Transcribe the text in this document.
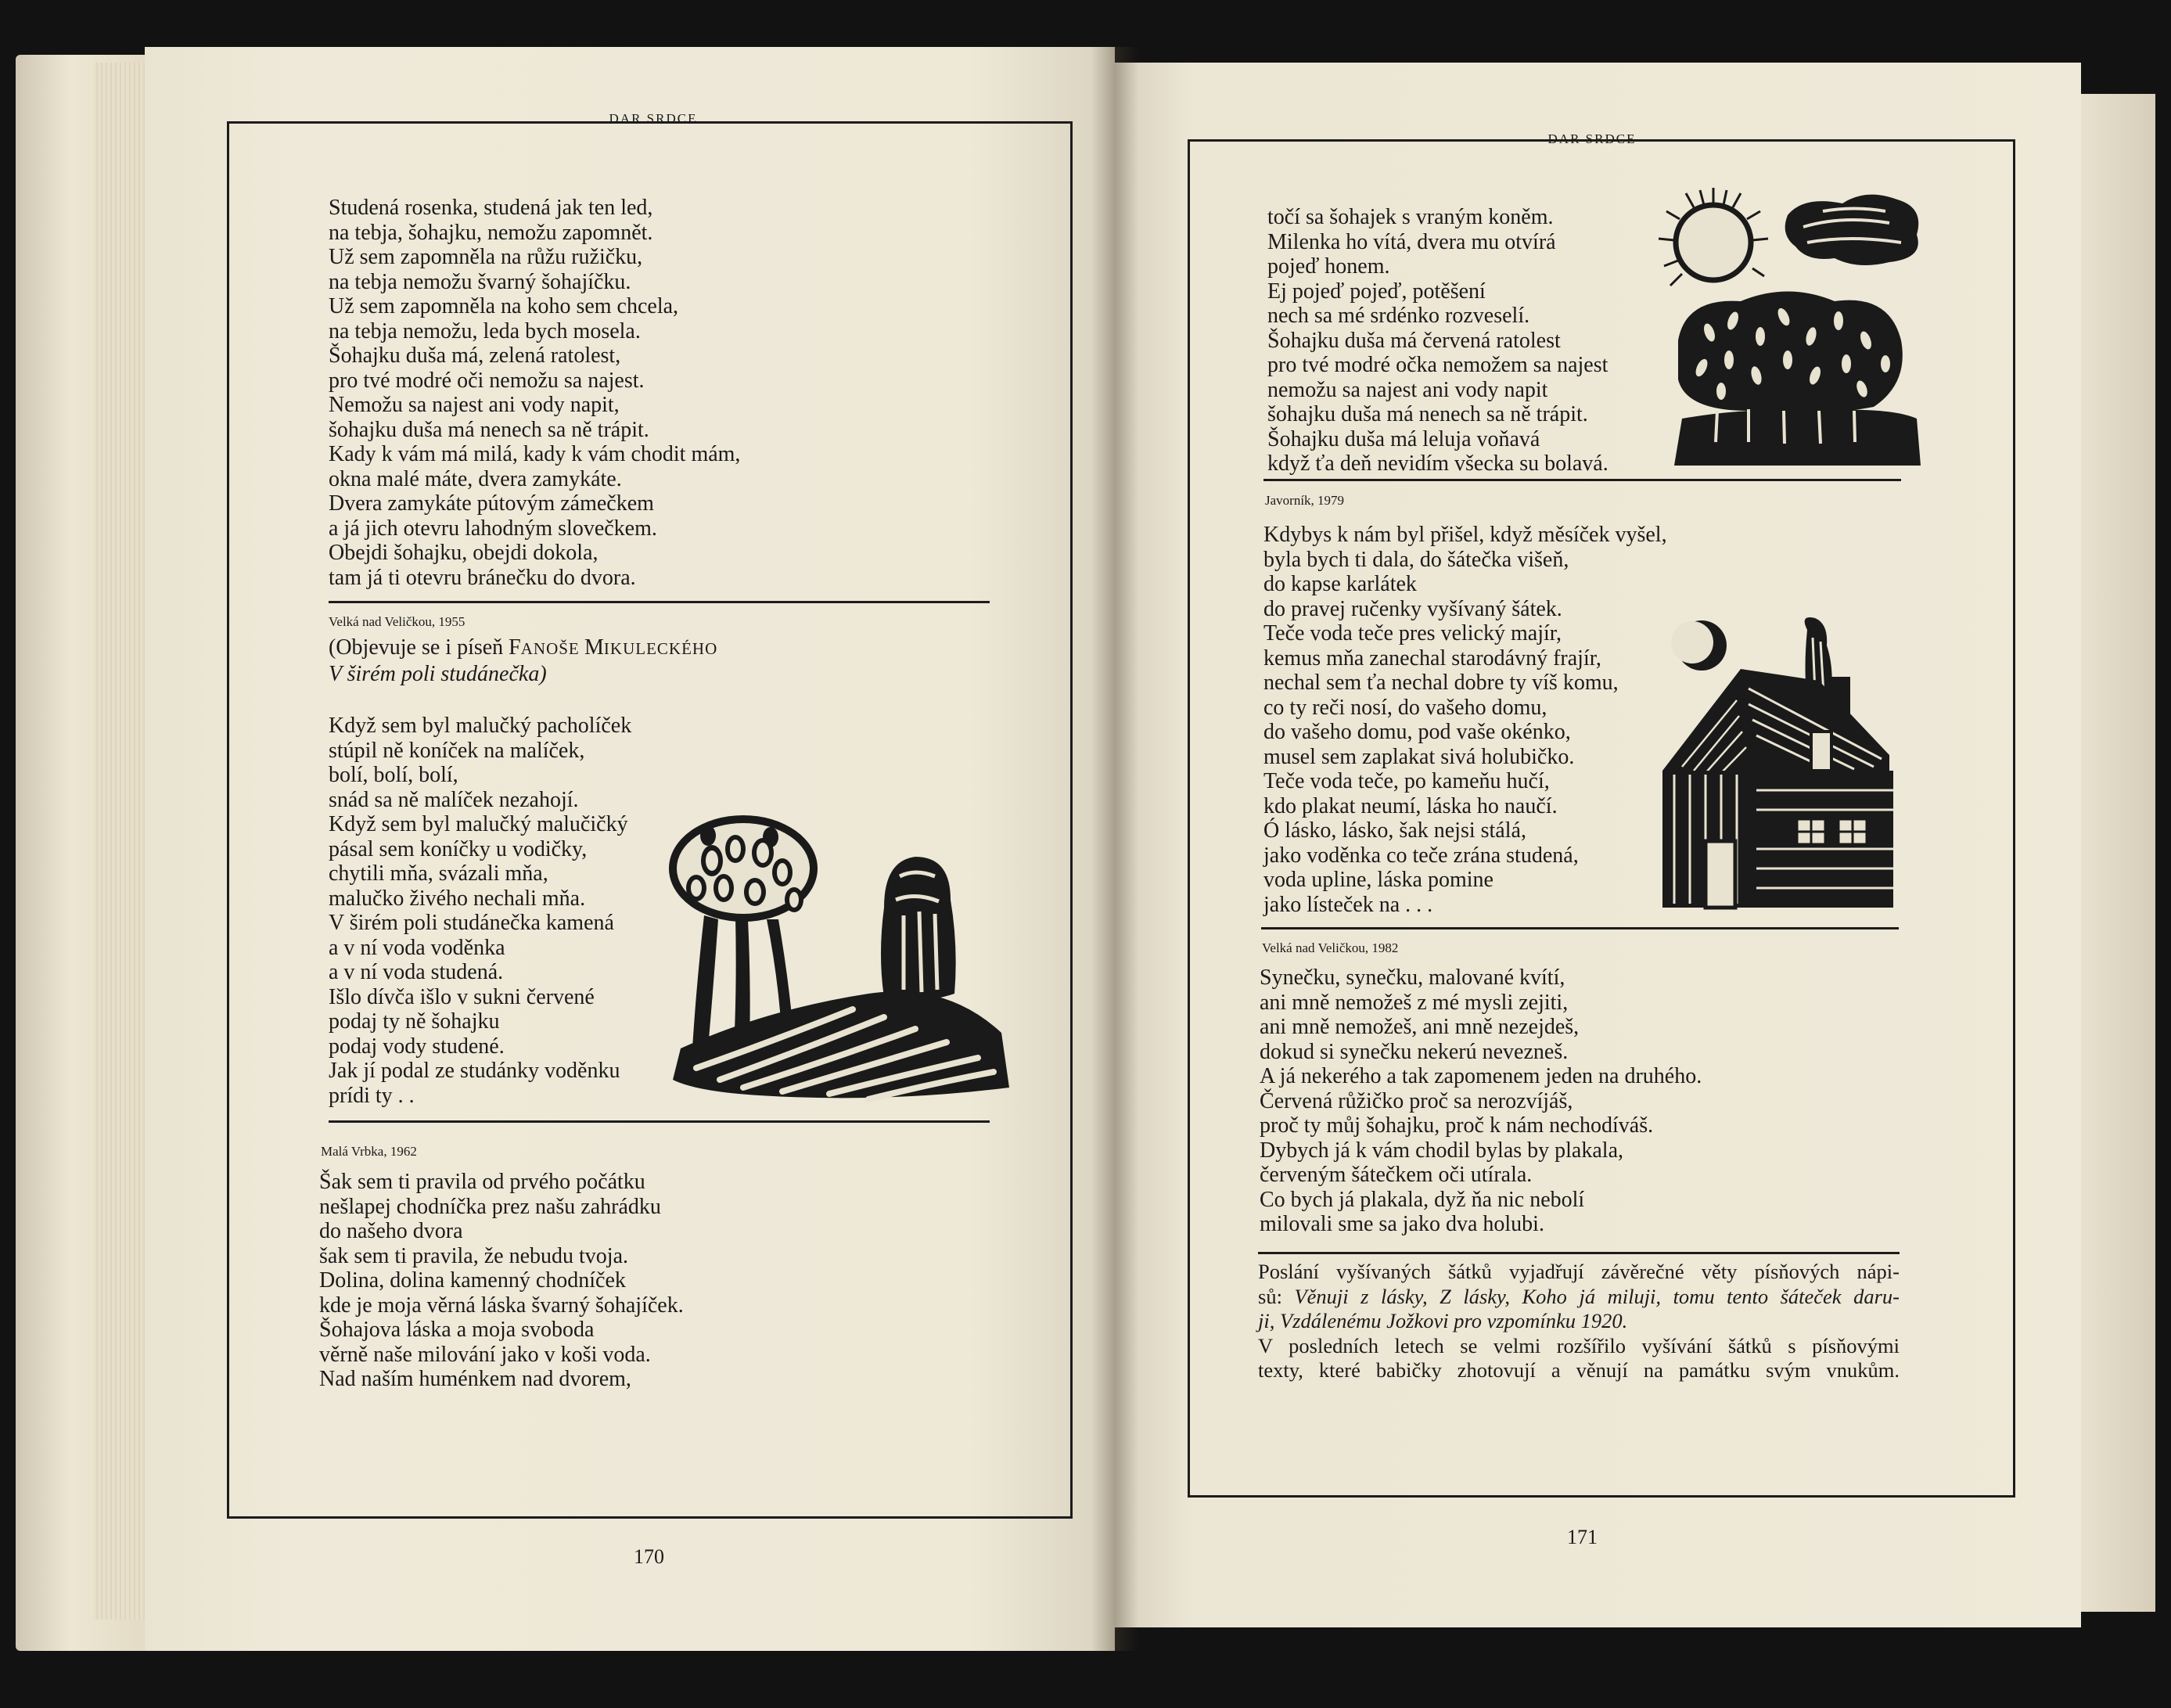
DAR SRDCE
Studená rosenka, studená jak ten led,
na tebja, šohajku, nemožu zapomnět.
Už sem zapomněla na růžu ružičku,
na tebja nemožu švarný šohajíčku.
Už sem zapomněla na koho sem chcela,
na tebja nemožu, leda bych mosela.
Šohajku duša má, zelená ratolest,
pro tvé modré oči nemožu sa najest.
Nemožu sa najest ani vody napit,
šohajku duša má nenech sa ně trápit.
Kady k vám má milá, kady k vám chodit mám,
okna malé máte, dvera zamykáte.
Dvera zamykáte pútovým zámečkem
a já jich otevru lahodným slovečkem.
Obejdi šohajku, obejdi dokola,
tam já ti otevru bránečku do dvora.
Velká nad Veličkou, 1955
(Objevuje se i píseň FANOŠE MIKULECKÉHO
V širém poli studánečka)
Když sem byl malučký pacholíček
stúpil ně koníček na malíček,
bolí, bolí, bolí,
snád sa ně malíček nezahojí.
Když sem byl malučký malučičký
pásal sem koníčky u vodičky,
chytili mňa, svázali mňa,
malučko živého nechali mňa.
V širém poli studánečka kamená
a v ní voda voděnka
a v ní voda studená.
Išlo dívča išlo v sukni červené
podaj ty ně šohajku
podaj vody studené.
Jak jí podal ze studánky voděnku
prídi ty . .
Malá Vrbka, 1962
Šak sem ti pravila od prvého počátku
nešlapej chodníčka prez našu zahrádku
do našeho dvora
šak sem ti pravila, že nebudu tvoja.
Dolina, dolina kamenný chodníček
kde je moja věrná láska švarný šohajíček.
Šohajova láska a moja svoboda
věrně naše milování jako v koši voda.
Nad naším huménkem nad dvorem,
170
DAR SRDCE
točí sa šohajek s vraným koněm.
Milenka ho vítá, dvera mu otvírá
pojeď honem.
Ej pojeď pojeď, potěšení
nech sa mé srdénko rozveselí.
Šohajku duša má červená ratolest
pro tvé modré očka nemožem sa najest
nemožu sa najest ani vody napit
šohajku duša má nenech sa ně trápit.
Šohajku duša má leluja voňavá
když ťa deň nevidím všecka su bolavá.
Javorník, 1979
Kdybys k nám byl přišel, když měsíček vyšel,
byla bych ti dala, do šátečka višeň,
do kapse karlátek
do pravej ručenky vyšívaný šátek.
Teče voda teče pres velický majír,
kemus mňa zanechal starodávný frajír,
nechal sem ťa nechal dobre ty víš komu,
co ty reči nosí, do vašeho domu,
do vašeho domu, pod vaše okénko,
musel sem zaplakat sivá holubičko.
Teče voda teče, po kameňu hučí,
kdo plakat neumí, láska ho naučí.
Ó lásko, lásko, šak nejsi stálá,
jako voděnka co teče zrána studená,
voda upline, láska pomine
jako lísteček na . . .
Velká nad Veličkou, 1982
Synečku, synečku, malované kvítí,
ani mně nemožeš z mé mysli zejiti,
ani mně nemožeš, ani mně nezejdeš,
dokud si synečku nekerú nevezneš.
A já nekerého a tak zapomenem jeden na druhého.
Červená růžičko proč sa nerozvíjáš,
proč ty můj šohajku, proč k nám nechodíváš.
Dybych já k vám chodil bylas by plakala,
červeným šátečkem oči utírala.
Co bych já plakala, dyž ňa nic nebolí
milovali sme sa jako dva holubi.
Poslání vyšívaných šátků vyjadřují závěrečné věty písňových nápi-
sů: Věnuji z lásky, Z lásky, Koho já miluji, tomu tento šáteček daru-
ji, Vzdálenému Jožkovi pro vzpomínku 1920.
V posledních letech se velmi rozšířilo vyšívání šátků s písňovými
texty, které babičky zhotovují a věnují na památku svým vnukům.
171
